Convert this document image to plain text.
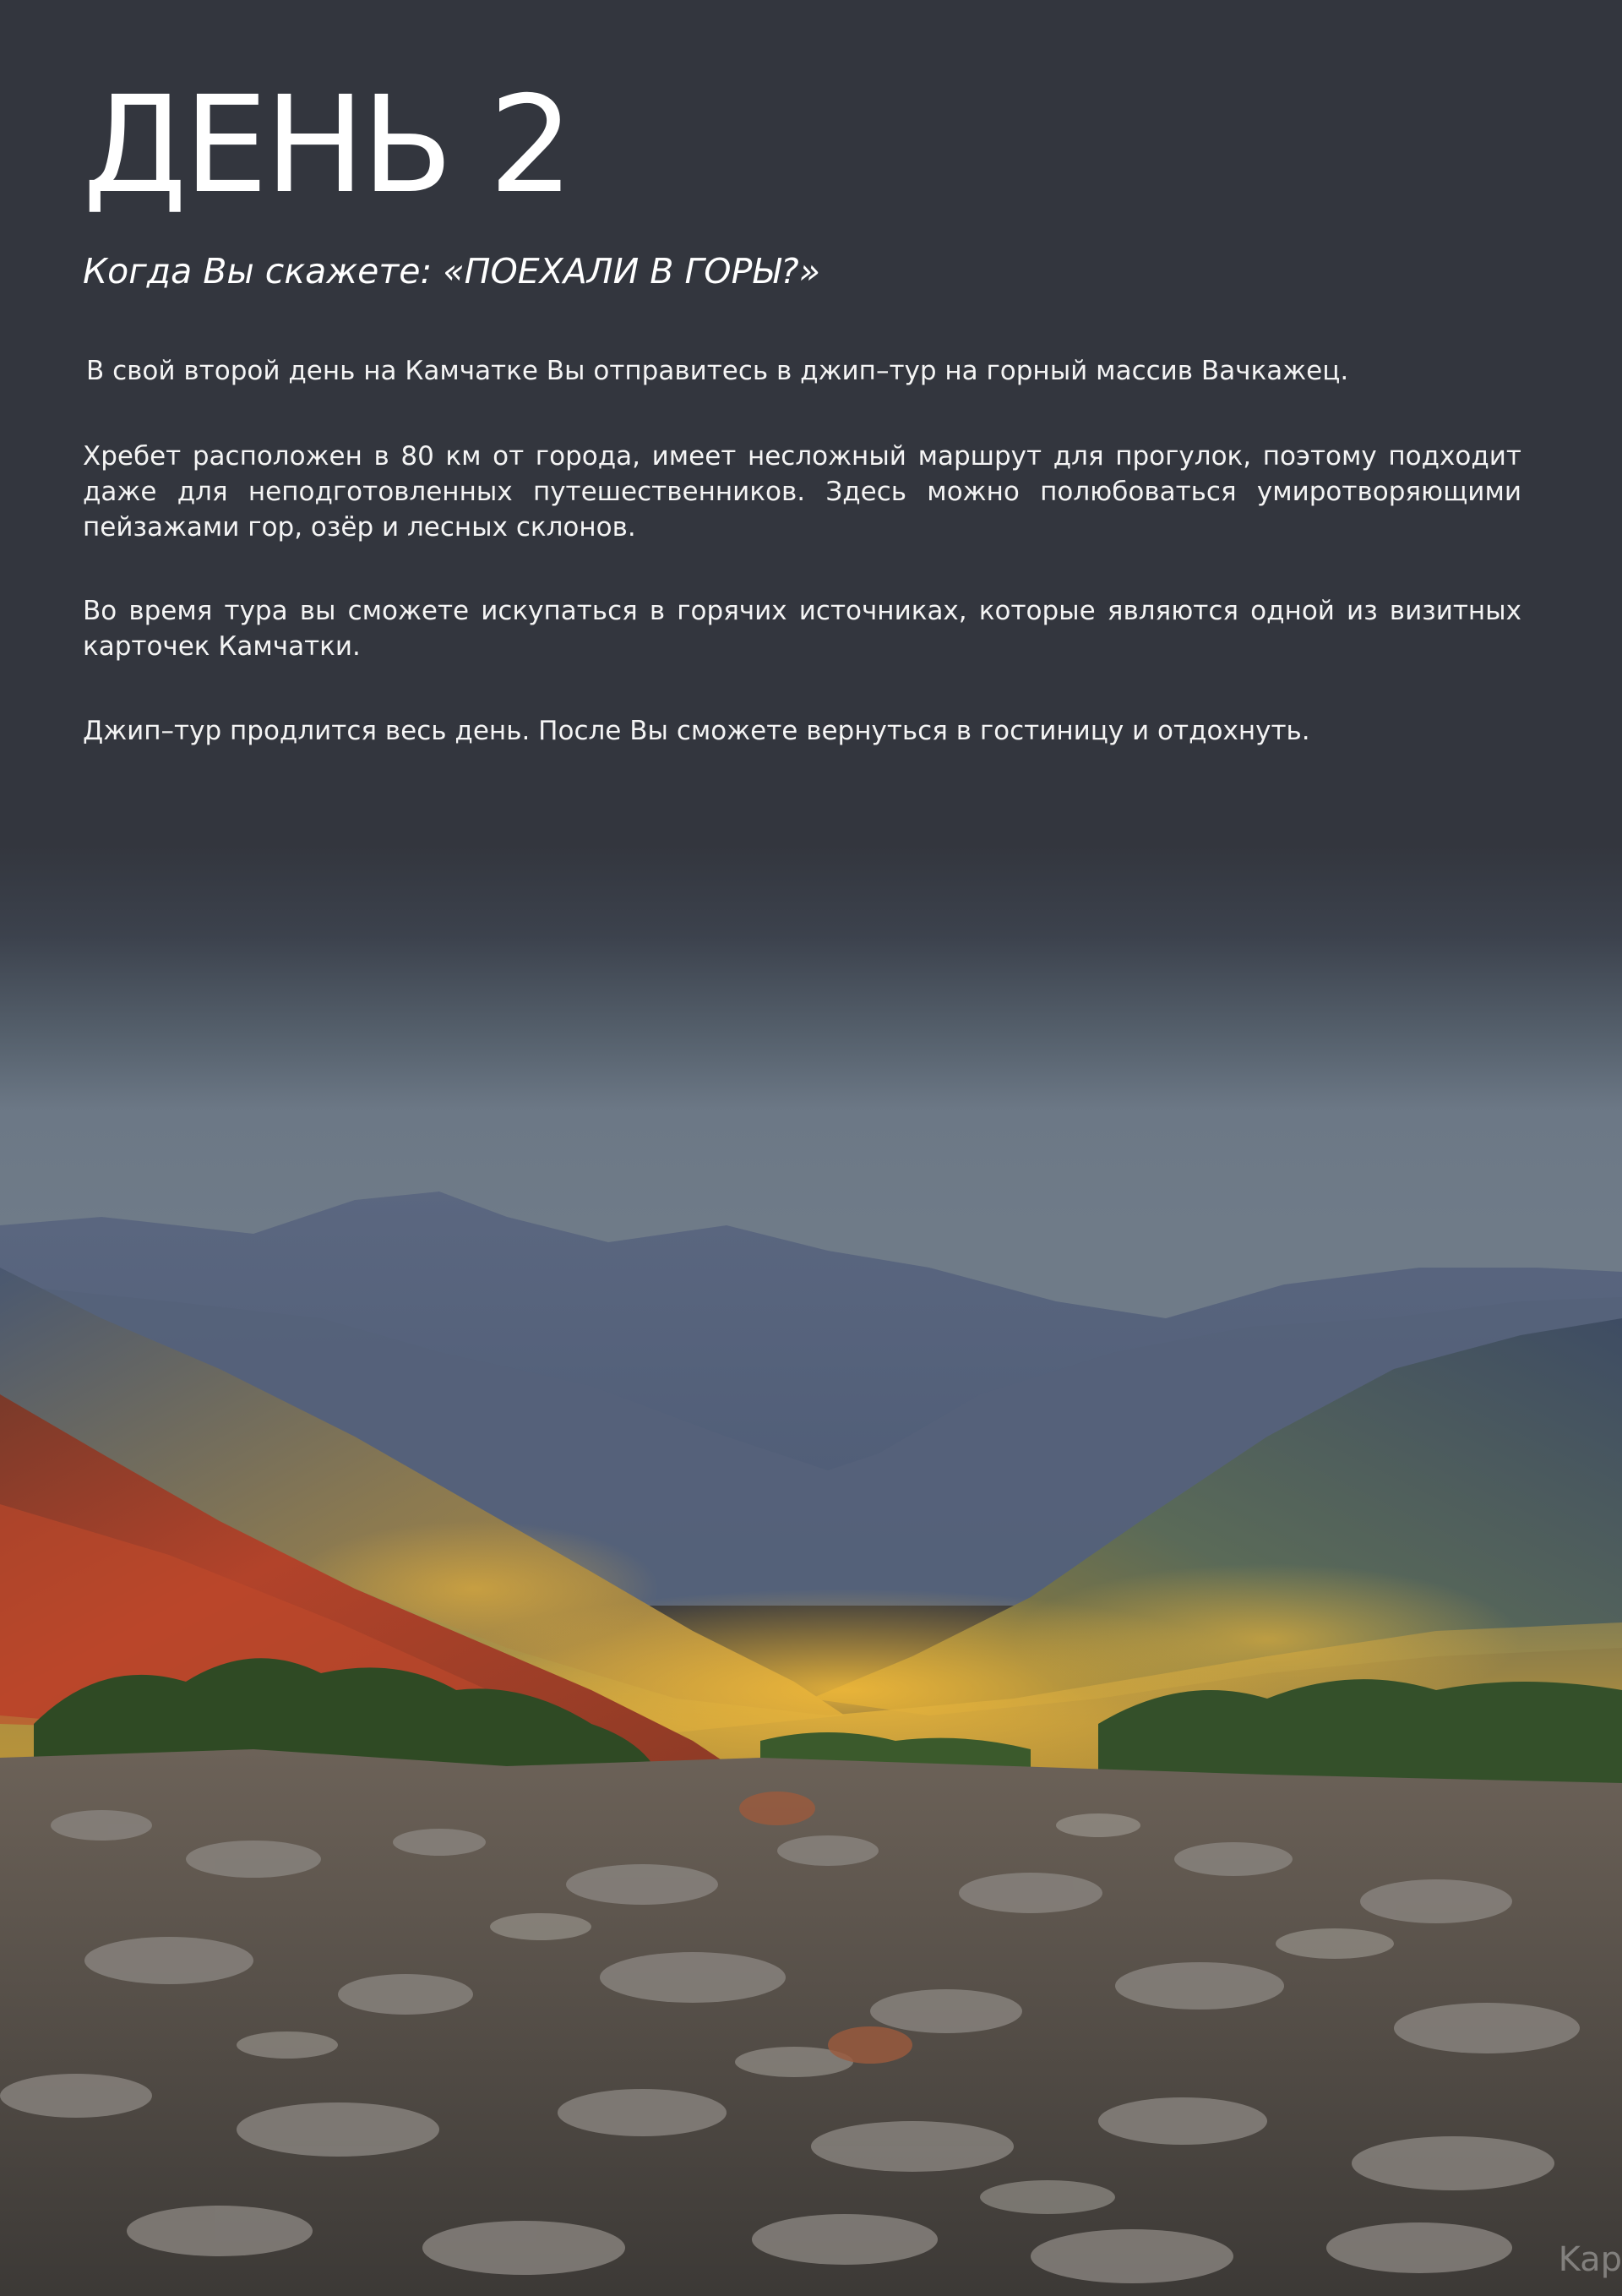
ДЕНЬ 2
Когда Вы скажете: «ПОЕХАЛИ В ГОРЫ?»

В свой второй день на Камчатке Вы отправитесь в джип–тур на горный массив Вачкажец.

Хребет расположен в 80 км от города, имеет несложный маршрут для прогулок, поэтому подходит даже для неподготовленных путешественников. Здесь можно полюбоваться умиротворяющими пейзажами гор, озёр и лесных склонов.

Во время тура вы сможете искупаться в горячих источниках, которые являются одной из визитных карточек Камчатки.

Джип–тур продлится весь день. После Вы сможете вернуться в гостиницу и отдохнуть.

Kap
